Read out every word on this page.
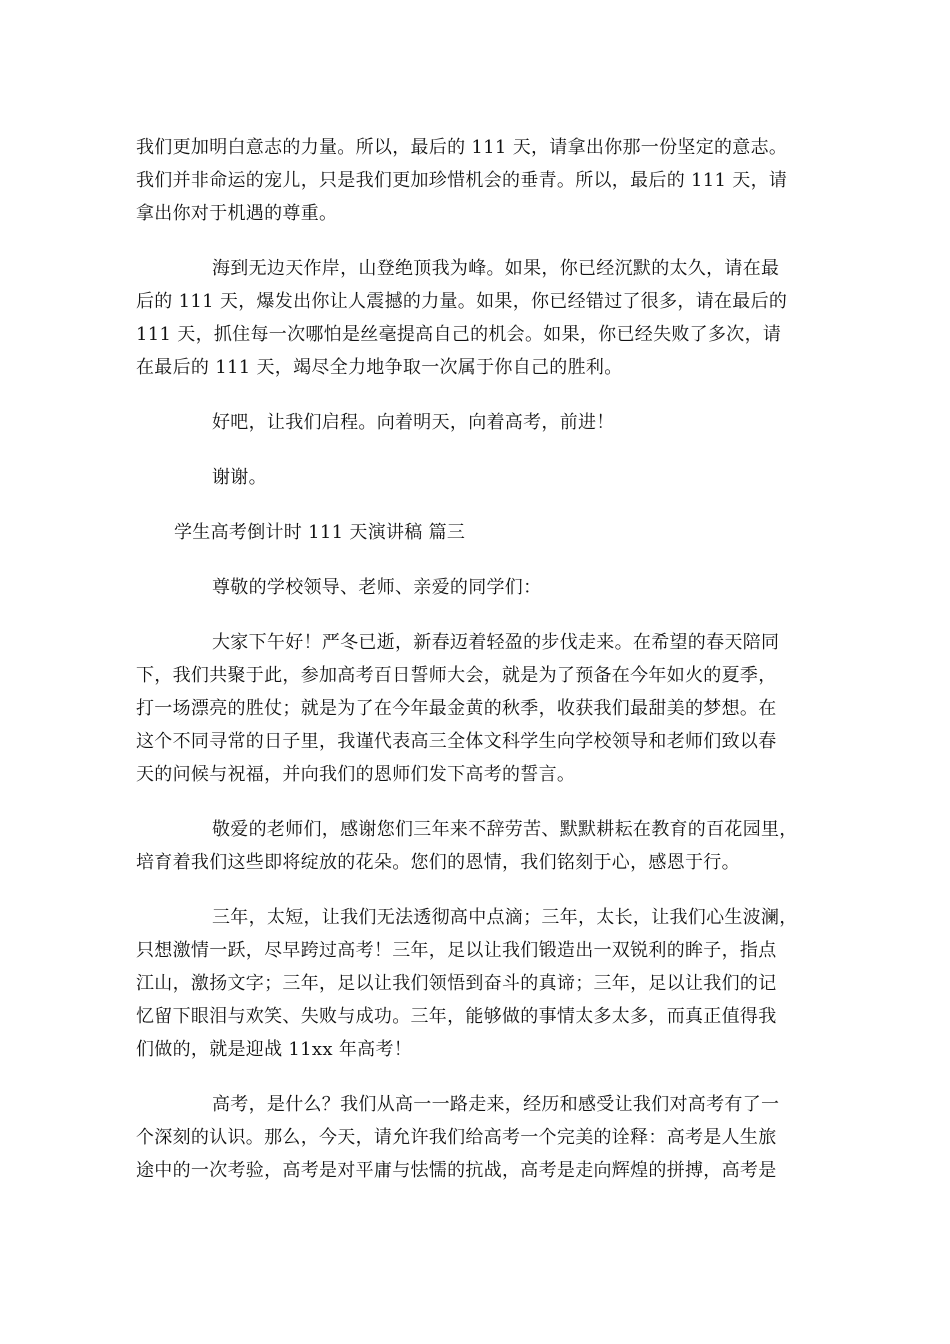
我们更加明白意志的力量。所以，最后的 111 天，请拿出你那一份坚定的意志。
我们并非命运的宠儿，只是我们更加珍惜机会的垂青。所以，最后的 111 天，请
拿出你对于机遇的尊重。
海到无边天作岸，山登绝顶我为峰。如果，你已经沉默的太久，请在最
后的 111 天，爆发出你让人震撼的力量。如果，你已经错过了很多，请在最后的
111 天，抓住每一次哪怕是丝毫提高自己的机会。如果，你已经失败了多次，请
在最后的 111 天，竭尽全力地争取一次属于你自己的胜利。
好吧，让我们启程。向着明天，向着高考，前进！
谢谢。
学生高考倒计时 111 天演讲稿 篇三
尊敬的学校领导、老师、亲爱的同学们：
大家下午好！严冬已逝，新春迈着轻盈的步伐走来。在希望的春天陪同
下，我们共聚于此，参加高考百日誓师大会，就是为了预备在今年如火的夏季，
打一场漂亮的胜仗；就是为了在今年最金黄的秋季，收获我们最甜美的梦想。在
这个不同寻常的日子里，我谨代表高三全体文科学生向学校领导和老师们致以春
天的问候与祝福，并向我们的恩师们发下高考的誓言。
敬爱的老师们，感谢您们三年来不辞劳苦、默默耕耘在教育的百花园里，
培育着我们这些即将绽放的花朵。您们的恩情，我们铭刻于心，感恩于行。
三年，太短，让我们无法透彻高中点滴；三年，太长，让我们心生波澜，
只想激情一跃，尽早跨过高考！三年，足以让我们锻造出一双锐利的眸子，指点
江山，激扬文字；三年，足以让我们领悟到奋斗的真谛；三年，足以让我们的记
忆留下眼泪与欢笑、失败与成功。三年，能够做的事情太多太多，而真正值得我
们做的，就是迎战 11xx 年高考！
高考，是什么？我们从高一一路走来，经历和感受让我们对高考有了一
个深刻的认识。那么，今天，请允许我们给高考一个完美的诠释：高考是人生旅
途中的一次考验，高考是对平庸与怯懦的抗战，高考是走向辉煌的拼搏，高考是
